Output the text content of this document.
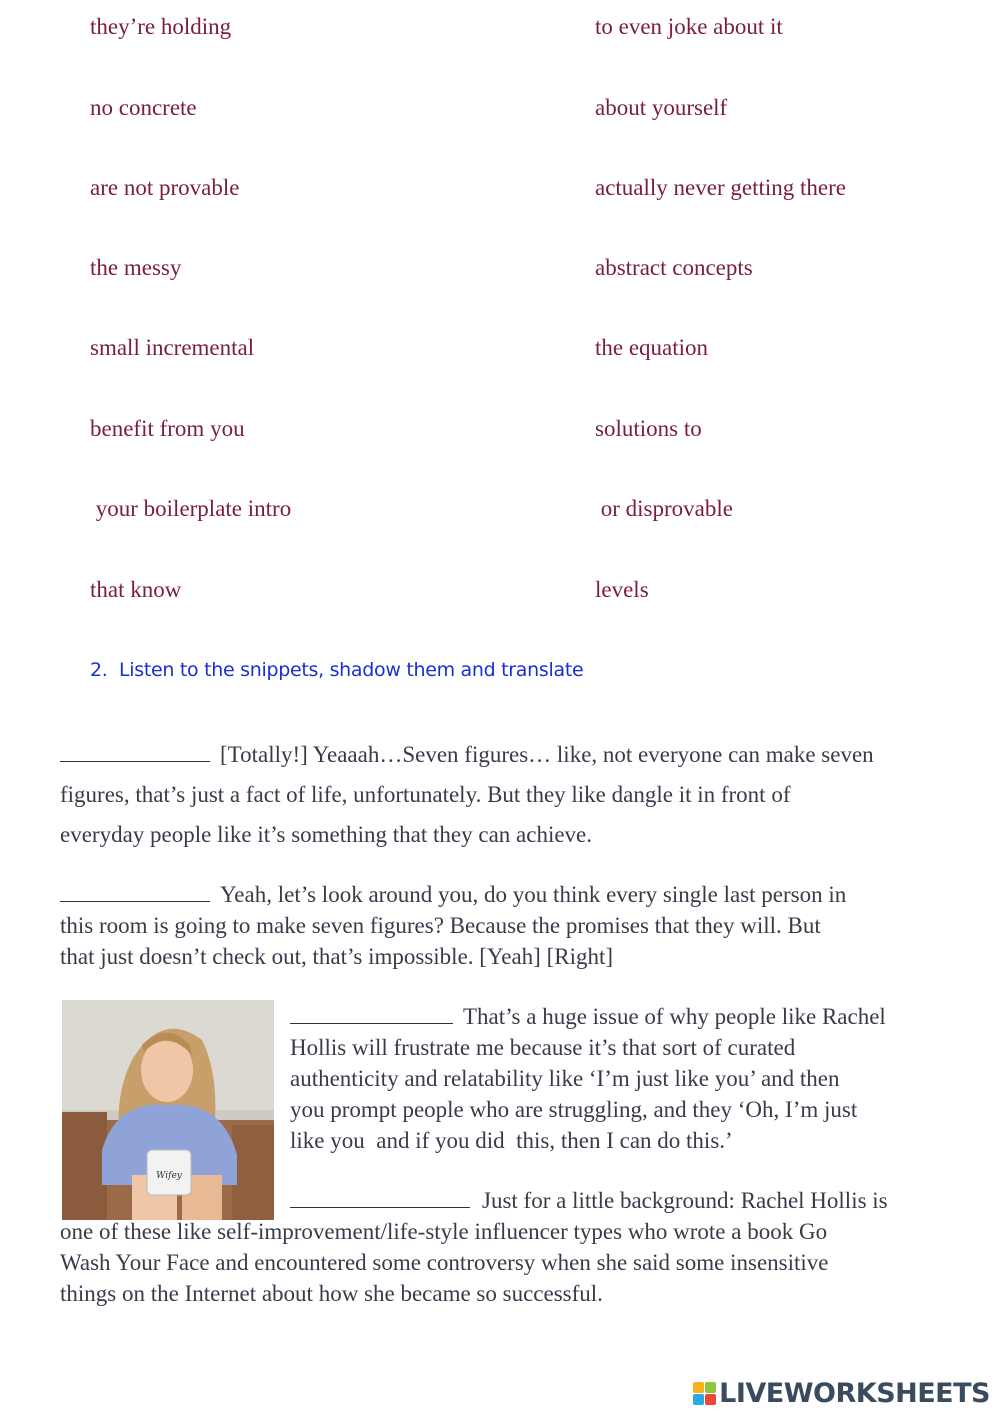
they’re holding
no concrete
are not provable
the messy
small incremental
benefit from you
your boilerplate intro
that know
to even joke about it
about yourself
actually never getting there
abstract concepts
the equation
solutions to
or disprovable
levels
2.  Listen to the snippets, shadow them and translate
[Totally!] Yeaaah…Seven figures… like, not everyone can make seven
figures, that’s just a fact of life, unfortunately. But they like dangle it in front of
everyday people like it’s something that they can achieve.
Yeah, let’s look around you, do you think every single last person in
this room is going to make seven figures? Because the promises that they will. But
that just doesn’t check out, that’s impossible. [Yeah] [Right]
Wifey
That’s a huge issue of why people like Rachel
Hollis will frustrate me because it’s that sort of curated
authenticity and relatability like ‘I’m just like you’ and then
you prompt people who are struggling, and they ‘Oh, I’m just
like you  and if you did  this, then I can do this.’
Just for a little background: Rachel Hollis is
one of these like self-improvement/life-style influencer types who wrote a book Go
Wash Your Face and encountered some controversy when she said some insensitive
things on the Internet about how she became so successful.
LIVEWORKSHEETS
